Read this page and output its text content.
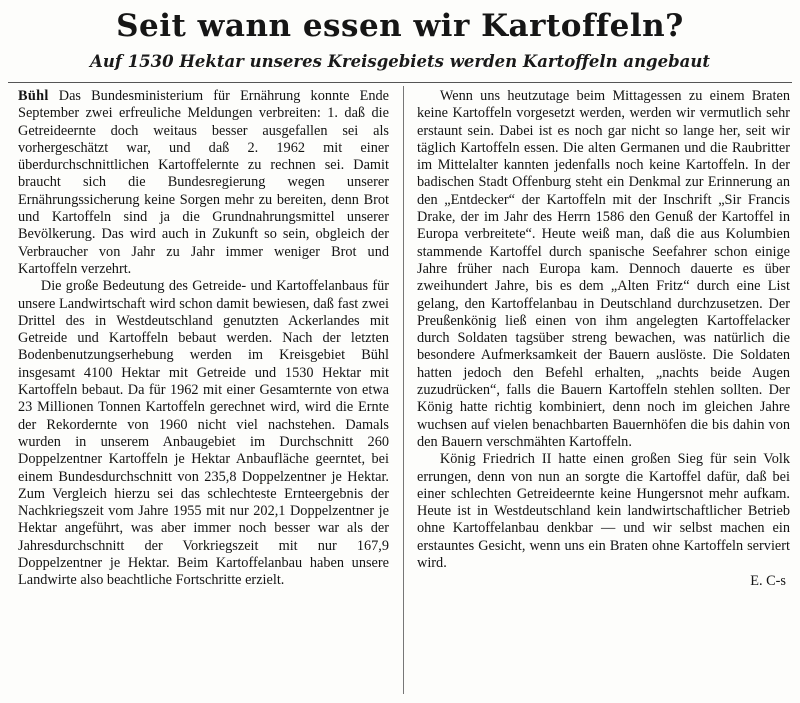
Seit wann essen wir Kartoffeln?
Auf 1530 Hektar unseres Kreisgebiets werden Kartoffeln angebaut

Bühl Das Bundesministerium für Ernährung konnte Ende September zwei erfreuliche Meldungen verbreiten: 1. daß die Getreideernte doch weitaus besser ausgefallen sei als vorhergeschätzt war, und daß 2. 1962 mit einer überdurchschnittlichen Kartoffelernte zu rechnen sei. Damit braucht sich die Bundesregierung wegen unserer Ernährungssicherung keine Sorgen mehr zu bereiten, denn Brot und Kartoffeln sind ja die Grundnahrungsmittel unserer Bevölkerung. Das wird auch in Zukunft so sein, obgleich der Verbraucher von Jahr zu Jahr immer weniger Brot und Kartoffeln verzehrt.

Die große Bedeutung des Getreide- und Kartoffelanbaus für unsere Landwirtschaft wird schon damit bewiesen, daß fast zwei Drittel des in Westdeutschland genutzten Ackerlandes mit Getreide und Kartoffeln bebaut werden. Nach der letzten Bodenbenutzungserhebung werden im Kreisgebiet Bühl insgesamt 4100 Hektar mit Getreide und 1530 Hektar mit Kartoffeln bebaut. Da für 1962 mit einer Gesamternte von etwa 23 Millionen Tonnen Kartoffeln gerechnet wird, wird die Ernte der Rekordernte von 1960 nicht viel nachstehen. Damals wurden in unserem Anbaugebiet im Durchschnitt 260 Doppelzentner Kartoffeln je Hektar Anbaufläche geerntet, bei einem Bundesdurchschnitt von 235,8 Doppelzentner je Hektar. Zum Vergleich hierzu sei das schlechteste Ernteergebnis der Nachkriegszeit vom Jahre 1955 mit nur 202,1 Doppelzentner je Hektar angeführt, was aber immer noch besser war als der Jahresdurchschnitt der Vorkriegszeit mit nur 167,9 Doppelzentner je Hektar. Beim Kartoffelanbau haben unsere Landwirte also beachtliche Fortschritte erzielt.

Wenn uns heutzutage beim Mittagessen zu einem Braten keine Kartoffeln vorgesetzt werden, werden wir vermutlich sehr erstaunt sein. Dabei ist es noch gar nicht so lange her, seit wir täglich Kartoffeln essen. Die alten Germanen und die Raubritter im Mittelalter kannten jedenfalls noch keine Kartoffeln. In der badischen Stadt Offenburg steht ein Denkmal zur Erinnerung an den „Entdecker“ der Kartoffeln mit der Inschrift „Sir Francis Drake, der im Jahr des Herrn 1586 den Genuß der Kartoffel in Europa verbreitete“. Heute weiß man, daß die aus Kolumbien stammende Kartoffel durch spanische Seefahrer schon einige Jahre früher nach Europa kam. Dennoch dauerte es über zweihundert Jahre, bis es dem „Alten Fritz“ durch eine List gelang, den Kartoffelanbau in Deutschland durchzusetzen. Der Preußenkönig ließ einen von ihm angelegten Kartoffelacker durch Soldaten tagsüber streng bewachen, was natürlich die besondere Aufmerksamkeit der Bauern auslöste. Die Soldaten hatten jedoch den Befehl erhalten, „nachts beide Augen zuzudrücken“, falls die Bauern Kartoffeln stehlen sollten. Der König hatte richtig kombiniert, denn noch im gleichen Jahre wuchsen auf vielen benachbarten Bauernhöfen die bis dahin von den Bauern verschmähten Kartoffeln.

König Friedrich II hatte einen großen Sieg für sein Volk errungen, denn von nun an sorgte die Kartoffel dafür, daß bei einer schlechten Getreideernte keine Hungersnot mehr aufkam. Heute ist in Westdeutschland kein landwirtschaftlicher Betrieb ohne Kartoffelanbau denkbar — und wir selbst machen ein erstauntes Gesicht, wenn uns ein Braten ohne Kartoffeln serviert wird.

E. C-s
